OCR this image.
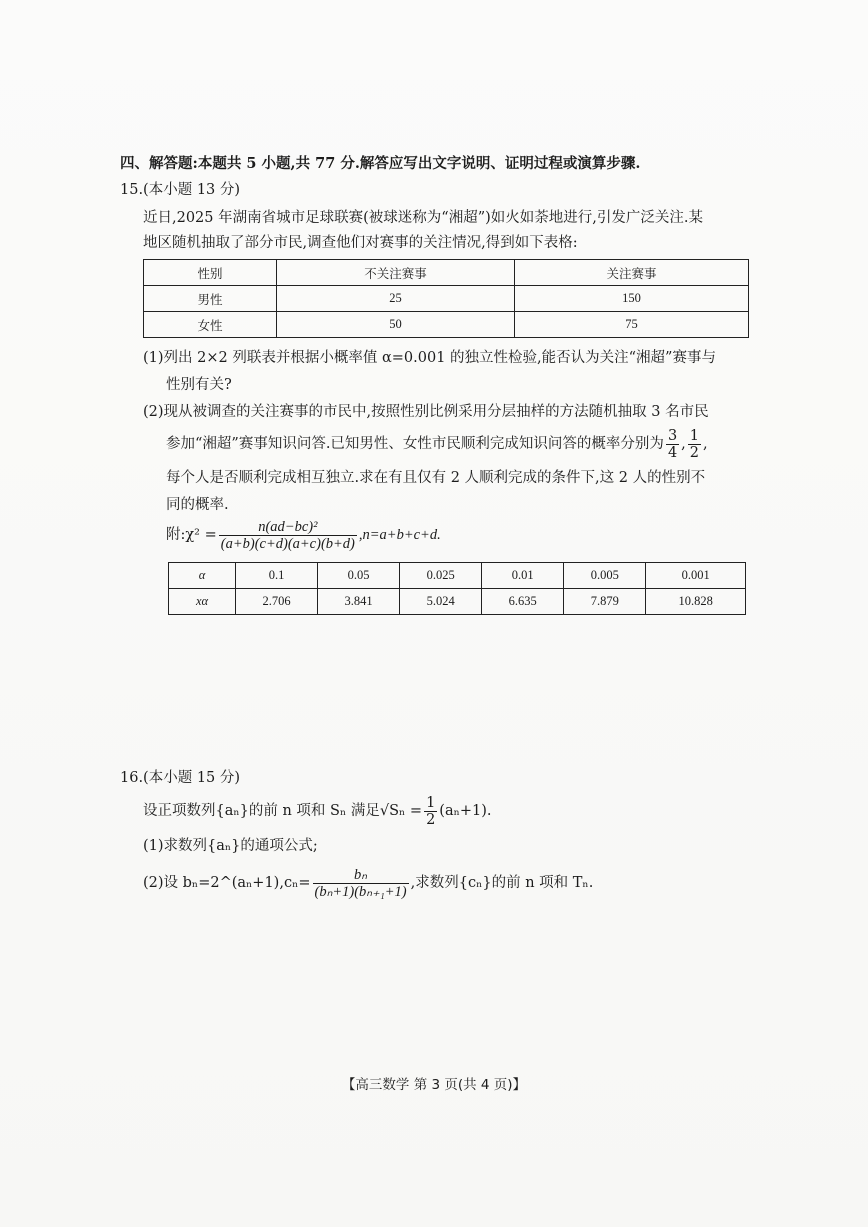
四、解答题:本题共 5 小题,共 77 分.解答应写出文字说明、证明过程或演算步骤.
15.(本小题 13 分)
近日,2025 年湖南省城市足球联赛(被球迷称为“湘超”)如火如荼地进行,引发广泛关注.某
地区随机抽取了部分市民,调查他们对赛事的关注情况,得到如下表格:
性别	不关注赛事	关注赛事
男性	25	150
女性	50	75
(1)列出 2×2 列联表并根据小概率值 α=0.001 的独立性检验,能否认为关注“湘超”赛事与
性别有关?
(2)现从被调查的关注赛事的市民中,按照性别比例采用分层抽样的方法随机抽取 3 名市民
参加“湘超”赛事知识问答.已知男性、女性市民顺利完成知识问答的概率分别为 $\frac{3}{4}$ , $\frac{1}{2}$ ,
每个人是否顺利完成相互独立.求在有且仅有 2 人顺利完成的条件下,这 2 人的性别不
同的概率.
附:χ² = $\frac{\text{n(ad−bc)²}}{(a+b)(c+d)(a+c)(b+d)} ,n=a+b+c+d$.
α	0.1	0.05	0.025	0.01	0.005	0.001
xα	2.706	3.841	5.024	6.635	7.879	10.828
16.(本小题 15 分)
设正项数列{aₙ}的前 n 项和 Sₙ 满足$√S_n = \frac{1}{2} (a_n+1)$.
(1)求数列{aₙ}的通项公式;
(2)设 bₙ=2^(aₙ+1),cₙ= $\frac{\text{bₙ}}{\text{(bₙ+1)(bₙ₊₁+1)}}$ ,求数列{cₙ}的前 n 项和 Tₙ.
【高三数学 第 3 页(共 4 页)】
